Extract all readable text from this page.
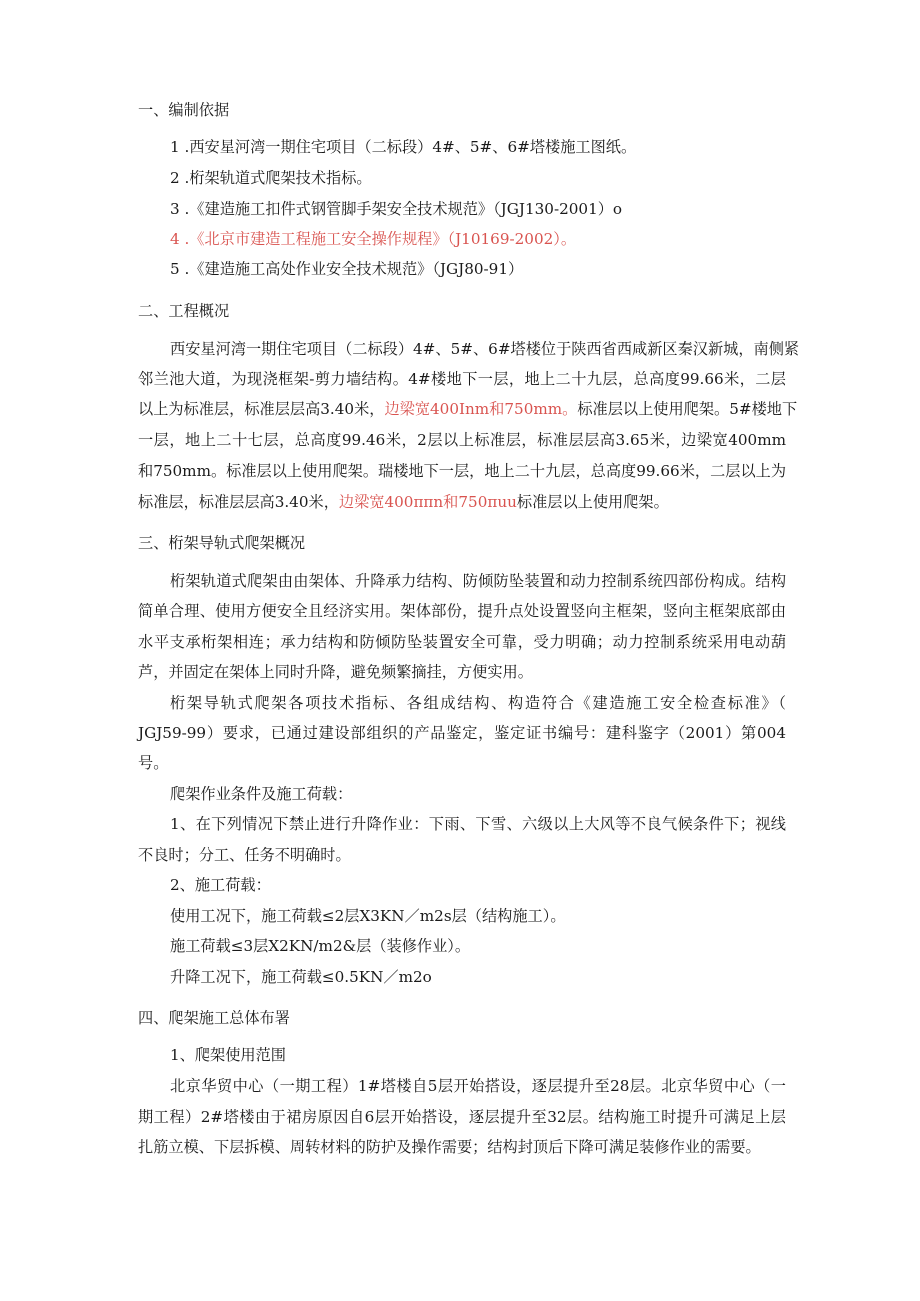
一、编制依据
1 .西安星河湾一期住宅项目（二标段）4#、5#、6#塔楼施工图纸。
2 .桁架轨道式爬架技术指标。
3 .《建造施工扣件式钢管脚手架安全技术规范》（JGJ130-2001）o
4 .《北京市建造工程施工安全操作规程》（J10169-2002）。
5 .《建造施工高处作业安全技术规范》（JGJ80-91）
二、工程概况
西安星河湾一期住宅项目（二标段）4#、5#、6#塔楼位于陕西省西咸新区秦汉新城，南侧紧
邻兰池大道，为现浇框架-剪力墙结构。4#楼地下一层，地上二十九层，总高度99.66米，二层
以上为标准层，标准层层高3.40米，边梁宽400Inm和750mm。标准层以上使用爬架。5#楼地下
一层，地上二十七层，总高度99.46米，2层以上标准层，标准层层高3.65米，边梁宽400mm
和750mm。标准层以上使用爬架。瑞楼地下一层，地上二十九层，总高度99.66米，二层以上为
标准层，标准层层高3.40米，边梁宽400ππn和750πuu标准层以上使用爬架。
三、桁架导轨式爬架概况
桁架轨道式爬架由由架体、升降承力结构、防倾防坠装置和动力控制系统四部份构成。结构
简单合理、使用方便安全且经济实用。架体部份，提升点处设置竖向主框架，竖向主框架底部由
水平支承桁架相连；承力结构和防倾防坠装置安全可靠，受力明确；动力控制系统采用电动葫
芦，并固定在架体上同时升降，避免频繁摘挂，方便实用。
桁架导轨式爬架各项技术指标、各组成结构、构造符合《建造施工安全检查标准》（
JGJ59-99）要求，已通过建设部组织的产品鉴定，鉴定证书编号：建科鉴字（2001）第004
号。
爬架作业条件及施工荷载：
1、在下列情况下禁止进行升降作业：下雨、下雪、六级以上大风等不良气候条件下；视线
不良时；分工、任务不明确时。
2、施工荷载：
使用工况下，施工荷载≤2层X3KN／m2s层（结构施工）。
施工荷载≤3层X2KN/m2&层（装修作业）。
升降工况下，施工荷载≤0.5KN／m2o
四、爬架施工总体布署
1、爬架使用范围
北京华贸中心（一期工程）1#塔楼自5层开始搭设，逐层提升至28层。北京华贸中心（一
期工程）2#塔楼由于裙房原因自6层开始搭设，逐层提升至32层。结构施工时提升可满足上层
扎筋立模、下层拆模、周转材料的防护及操作需要；结构封顶后下降可满足装修作业的需要。
